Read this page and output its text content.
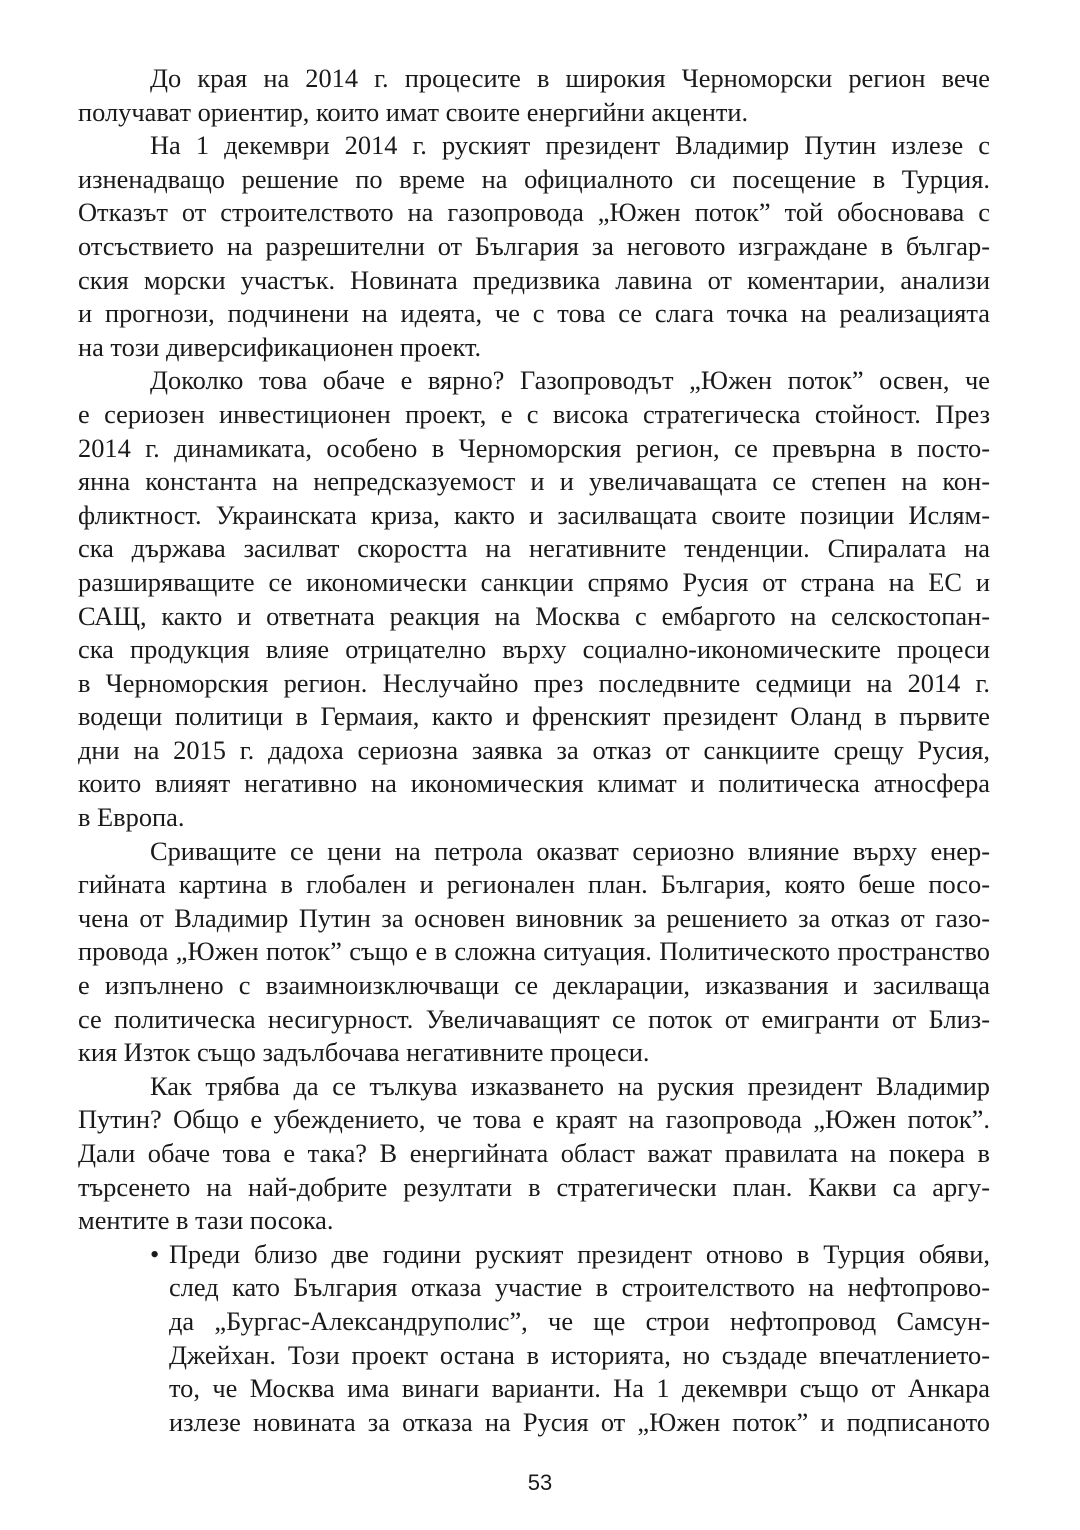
До края на 2014 г. процесите в широкия Черноморски регион вече
получават ориентир, които имат своите енергийни акценти.
На 1 декември 2014 г. руският президент Владимир Путин излезе с
изненадващо решение по време на официалното си посещение в Турция.
Отказът от строителството на газопровода „Южен поток” той обосновава с
отсъствието на разрешителни от България за неговото изграждане в българ-
ския морски участък. Новината предизвика лавина от коментарии, анализи
и прогнози, подчинени на идеята, че с това се слага точка на реализацията
на този диверсификационен проект.
Доколко това обаче е вярно? Газопроводът „Южен поток” освен, че
е сериозен инвестиционен проект, е с висока стратегическа стойност. През
2014 г. динамиката, особено в Черноморския регион, се превърна в посто-
янна константа на непредсказуемост и и увеличаващата се степен на кон-
фликтност. Украинската криза, както и засилващата своите позиции Ислям-
ска държава засилват скоростта на негативните тенденции. Спиралата на
разширяващите се икономически санкции спрямо Русия от страна на ЕС и
САЩ, както и ответната реакция на Москва с ембаргото на селскостопан-
ска продукция влияе отрицателно върху социално-икономическите процеси
в Черноморския регион. Неслучайно през последвните седмици на 2014 г.
водещи политици в Гермаия, както и френският президент Оланд в първите
дни на 2015 г. дадоха сериозна заявка за отказ от санкциите срещу Русия,
които влияят негативно на икономическия климат и политическа атносфера
в Европа.
Сриващите се цени на петрола оказват сериозно влияние върху енер-
гийната картина в глобален и регионален план. България, която беше посо-
чена от Владимир Путин за основен виновник за решението за отказ от газо-
провода „Южен поток” също е в сложна ситуация. Политическото пространство
е изпълнено с взаимноизключващи се декларации, изказвания и засилваща
се политическа несигурност. Увеличаващият се поток от емигранти от Близ-
кия Изток също задълбочава негативните процеси.
Как трябва да се тълкува изказването на руския президент Владимир
Путин? Общо е убеждението, че това е краят на газопровода „Южен поток”.
Дали обаче това е така? В енергийната област важат правилата на покера в
търсенето на най-добрите резултати в стратегически план. Какви са аргу-
ментите в тази посока.
• Преди близо две години руският президент отново в Турция обяви,
след като България отказа участие в строителството на нефтопрово-
да „Бургас-Александруполис”, че ще строи нефтопровод Самсун-
Джейхан. Този проект остана в историята, но създаде впечатлението-
то, че Москва има винаги варианти. На 1 декември също от Анкара
излезе новината за отказа на Русия от „Южен поток” и подписаното
53
